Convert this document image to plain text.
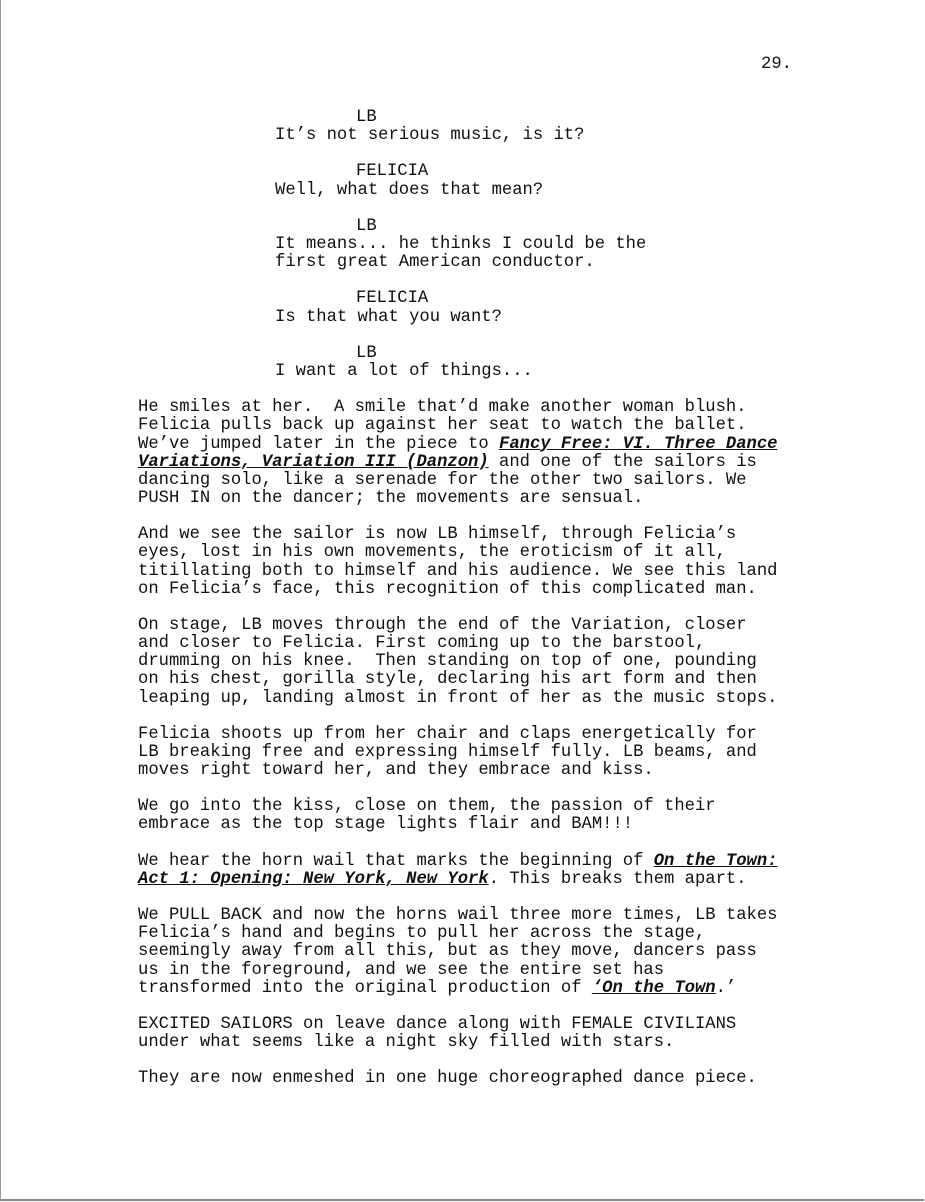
29.
LB
It’s not serious music, is it?
FELICIA
Well, what does that mean?
LB
It means... he thinks I could be the
first great American conductor.
FELICIA
Is that what you want?
LB
I want a lot of things...
He smiles at her.  A smile that’d make another woman blush.
Felicia pulls back up against her seat to watch the ballet.
We’ve jumped later in the piece to Fancy Free: VI. Three Dance
Variations, Variation III (Danzon) and one of the sailors is
dancing solo, like a serenade for the other two sailors. We
PUSH IN on the dancer; the movements are sensual.
And we see the sailor is now LB himself, through Felicia’s
eyes, lost in his own movements, the eroticism of it all,
titillating both to himself and his audience. We see this land
on Felicia’s face, this recognition of this complicated man.
On stage, LB moves through the end of the Variation, closer
and closer to Felicia. First coming up to the barstool,
drumming on his knee.  Then standing on top of one, pounding
on his chest, gorilla style, declaring his art form and then
leaping up, landing almost in front of her as the music stops.
Felicia shoots up from her chair and claps energetically for
LB breaking free and expressing himself fully. LB beams, and
moves right toward her, and they embrace and kiss.
We go into the kiss, close on them, the passion of their
embrace as the top stage lights flair and BAM!!!
We hear the horn wail that marks the beginning of On the Town:
Act 1: Opening: New York, New York. This breaks them apart.
We PULL BACK and now the horns wail three more times, LB takes
Felicia’s hand and begins to pull her across the stage,
seemingly away from all this, but as they move, dancers pass
us in the foreground, and we see the entire set has
transformed into the original production of ‘On the Town.’
EXCITED SAILORS on leave dance along with FEMALE CIVILIANS
under what seems like a night sky filled with stars.
They are now enmeshed in one huge choreographed dance piece.
